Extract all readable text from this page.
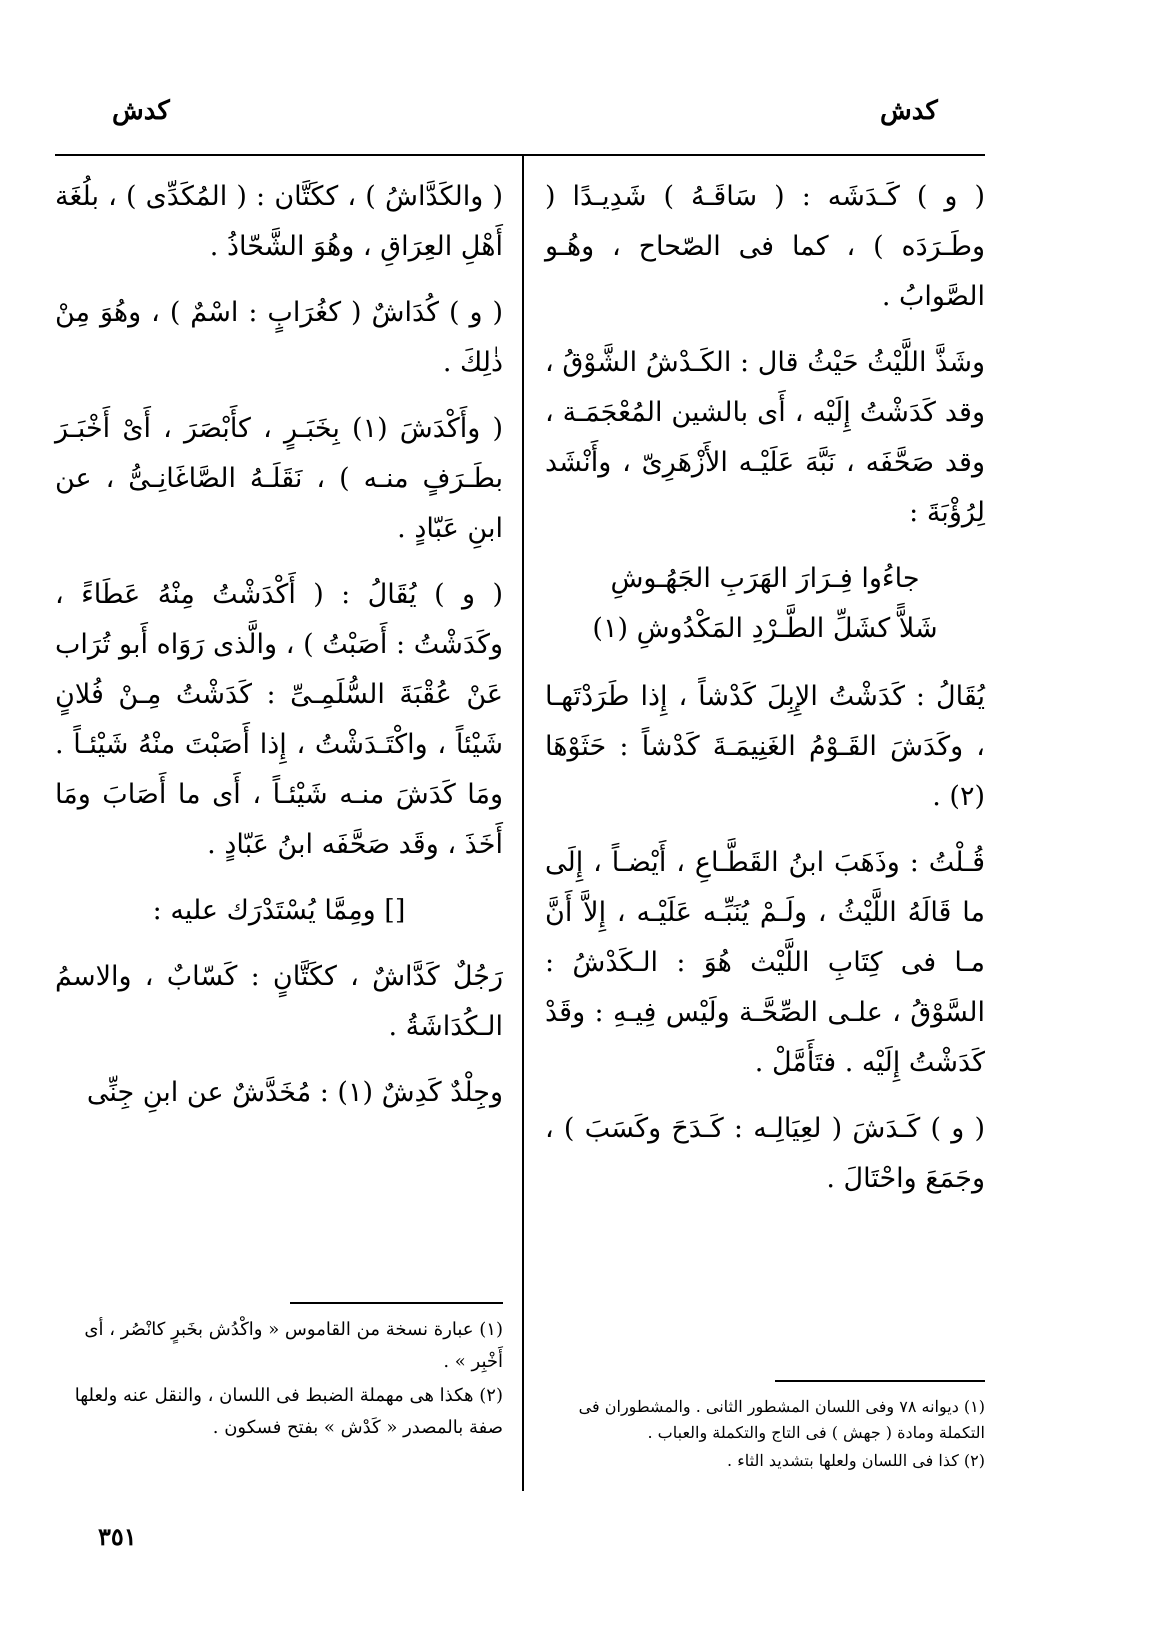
كدش
كدش

( و ) كَـدَشَه : ( سَاقَـهُ ) شَدِيـدًا ( وطَـرَدَه ) ، كما فى الصّحاح ، وهُـو الصَّوابُ .

وشَذَّ اللَّيْثُ حَيْثُ قال : الكَـدْشُ الشَّوْقُ ، وقد كَدَشْتُ إِلَيْه ، أَى بالشين المُعْجَمَـة ، وقد صَحَّفَه ، نَبَّهَ عَلَيْـه الأَزْهَرِىّ ، وأَنْشَد لِرُؤْبَةَ :

جاءُوا فِـرَارَ الهَرَبِ الجَهُـوشِ
شَلاًّ كشَلِّ الطَّـرْدِ المَكْدُوشِ (١)

يُقَالُ : كَدَشْتُ الإِبِلَ كَدْشاً ، إِذا طَرَدْتَهـا ، وكَدَشَ القَـوْمُ الغَنِيمَـةَ كَدْشاً : حَثَوْهَا (٢) .

قُـلْتُ : وذَهَبَ ابنُ القَطَّـاعِ ، أَيْضـاً ، إِلَى ما قَالَهُ اللَّيْثُ ، ولَـمْ يُنَبِّـه عَلَيْـه ، إِلاَّ أَنَّ مـا فى كِتَابِ اللَّيْث هُوَ : الـكَدْشُ : السَّوْقُ ، علـى الصِّحَّـة ولَيْس فِيـهِ : وقَدْ كَدَشْتُ إِلَيْه . فتَأَمَّلْ .

( و ) كَـدَشَ ( لعِيَالِـه : كَـدَحَ وكَسَبَ ) ، وجَمَعَ واحْتَالَ .

( والكَدَّاشُ ) ، ككَتَّان : ( المُكَدِّى ) ، بلُغَة أَهْلِ العِرَاقِ ، وهُوَ الشَّحّاذُ .

( و ) كُدَاشٌ ( كغُرَابٍ : اسْمٌ ) ، وهُوَ مِنْ ذٰلِكَ .

( وأَكْدَشَ (١) بِخَبَـرٍ ، كأَبْصَرَ ، أَىْ أَخْبَـرَ بطَـرَفٍ منـه ) ، نَقَلَـهُ الصَّاغَانِـىُّ ، عن ابنِ عَبّادٍ .

( و ) يُقَالُ : ( أَكْدَشْتُ مِنْهُ عَطَاءً ، وكَدَشْتُ : أَصَبْتُ ) ، والَّذى رَوَاه أَبو تُرَاب عَنْ عُقْبَةَ السُّلَمِـىِّ : كَدَشْتُ مِـنْ فُلانٍ شَيْئاً ، واكْتَـدَشْتُ ، إِذا أَصَبْتَ منْهُ شَيْئـاً . ومَا كَدَشَ منـه شَيْئـاً ، أَى ما أَصَابَ ومَا أَخَذَ ، وقَد صَحَّفَه ابنُ عَبّادٍ .

[] ومِمَّا يُسْتَدْرَك عليه :

رَجُلٌ كَدَّاشٌ ، ككَتَّانٍ : كَسّابٌ ، والاسمُ الـكُدَاشَةُ .

وجِلْدٌ كَدِشٌ (١) : مُخَدَّشٌ عن ابنِ جِنِّى

(١) ديوانه ٧٨ وفى اللسان المشطور الثانى . والمشطوران فى التكملة ومادة ( جهش ) فى التاج والتكملة والعباب .

(٢) كذا فى اللسان ولعلها بتشديد الثاء .

(١) عبارة نسخة من القاموس « واكْدُش بخَبرٍ كانْصُر ، أى أَخْبِر » .

(٢) هكذا هى مهملة الضبط فى اللسان ، والنقل عنه ولعلها صفة بالمصدر « كَدْش » بفتح فسكون .

٣٥١
